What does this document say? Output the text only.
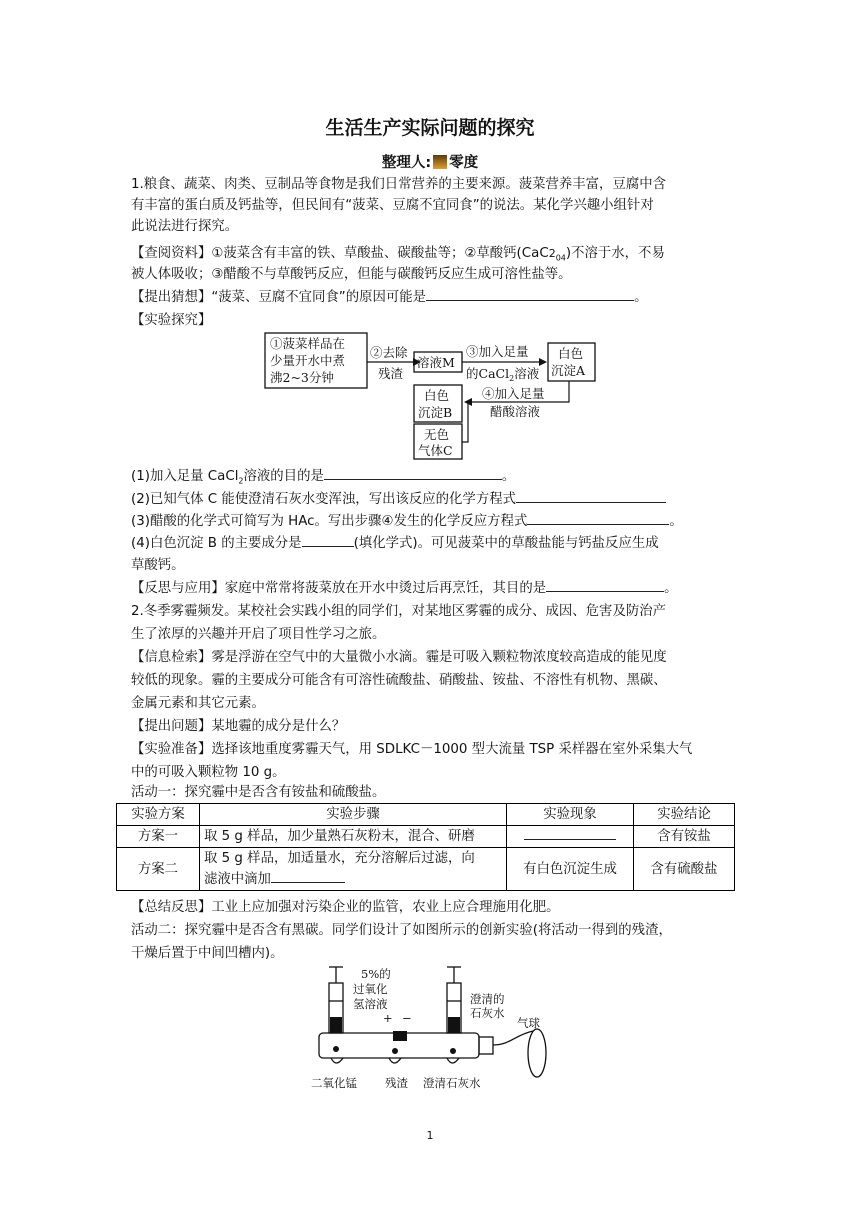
生活生产实际问题的探究
整理人: 零度
1.粮食、蔬菜、肉类、豆制品等食物是我们日常营养的主要来源。菠菜营养丰富，豆腐中含
有丰富的蛋白质及钙盐等，但民间有“菠菜、豆腐不宜同食”的说法。某化学兴趣小组针对
此说法进行探究。
【查阅资料】①菠菜含有丰富的铁、草酸盐、碳酸盐等；②草酸钙$(CaC2_{04})$不溶于水，不易
被人体吸收；③醋酸不与草酸钙反应，但能与碳酸钙反应生成可溶性盐等。
【提出猜想】“菠菜、豆腐不宜同食”的原因可能是	。
【实验探究】
①菠菜样品在
少量开水中煮
沸2~3分钟
②去除
残渣
溶液M
③加入足量
的CaCl$_2$溶液
白色
沉淀A
④加入足量
醋酸溶液
白色
沉淀B
无色
气体C
(1)加入足量 CaCl$_2$溶液的目的是	。
(2)已知气体 C 能使澄清石灰水变浑浊，写出该反应的化学方程式
(3)醋酸的化学式可简写为 HAc。写出步骤④发生的化学反应方程式	。
(4)白色沉淀 B 的主要成分是	(填化学式)。可见菠菜中的草酸盐能与钙盐反应生成
草酸钙。
【反思与应用】家庭中常常将菠菜放在开水中烫过后再烹饪，其目的是	。
2.冬季雾霾频发。某校社会实践小组的同学们，对某地区雾霾的成分、成因、危害及防治产
生了浓厚的兴趣并开启了项目性学习之旅。
【信息检索】雾是浮游在空气中的大量微小水滴。霾是可吸入颗粒物浓度较高造成的能见度
较低的现象。霾的主要成分可能含有可溶性硫酸盐、硝酸盐、铵盐、不溶性有机物、黑碳、
金属元素和其它元素。
【提出问题】某地霾的成分是什么？
【实验准备】选择该地重度雾霾天气，用 SDLKC－1000 型大流量 TSP 采样器在室外采集大气
中的可吸入颗粒物 10 g。
活动一：探究霾中是否含有铵盐和硫酸盐。
实验方案	实验步骤	实验现象	实验结论
方案一	取 5 g 样品，加少量熟石灰粉末，混合、研磨		含有铵盐
方案二	取 5 g 样品，加适量水，充分溶解后过滤，向
滤液中滴加	有白色沉淀生成	含有硫酸盐
【总结反思】工业上应加强对污染企业的监管，农业上应合理施用化肥。
活动二：探究霾中是否含有黑碳。同学们设计了如图所示的创新实验(将活动一得到的残渣，
干燥后置于中间凹槽内)。
5%的
过氧化
氢溶液
+ −
澄清的
石灰水
气球
二氧化锰 残渣 澄清石灰水
1
